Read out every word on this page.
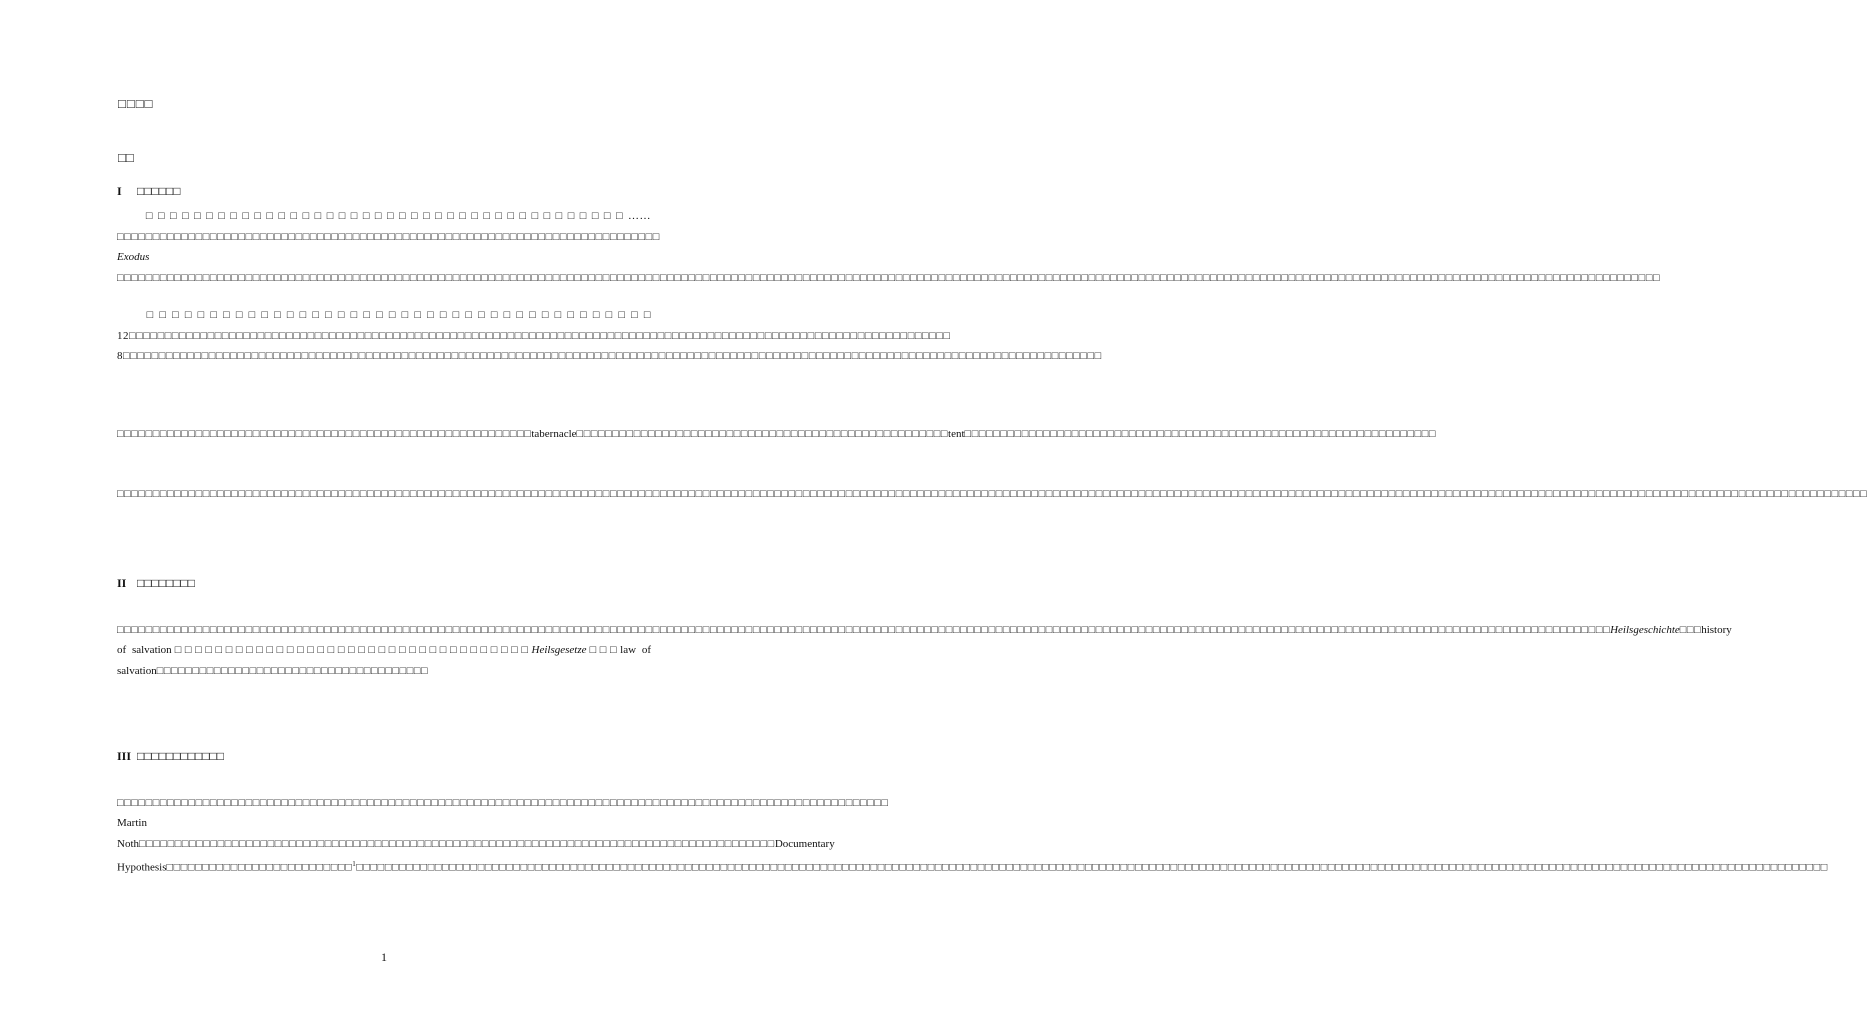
□□□□
□□
I □□□□□□
□□□□□□□□□□□□□□□□□□□□□□□□□□□□□□□□□□□□□□□□……□□□□□□□□□□□□□□□□□□□□□□□□□□□□□□□□□□□□□□□□□□□□□□□□□□□□□□□□□□□□□□□□□□□□□□□□□□□□ Exodus □□□□□□□□□□□□□□□□□□□□□□□□□□□□□□□□□□□□□□□□□□□□□□□□□□□□□□□□□□□□□□□□□□□□□□□□□□□□□□□□□□□□□□□□□□□□□□□□□□□□□□□□□□□□□□□□□□□□□□□□□□□□□□□□□□□□□□□□□□□□□□□□□□□□□□□□□□□□□□□□□□□□□□□□□□□□□□□□□□□□□□□□□□□□□□□□□□□□□□□□□□□□□□□□□□□□□□□□
□□□□□□□□□□□□□□□□□□□□□□□□□□□□□□□□□□□□□□□□ 12□□□□□□□□□□□□□□□□□□□□□□□□□□□□□□□□□□□□□□□□□□□□□□□□□□□□□□□□□□□□□□□□□□□□□□□□□□□□□□□□□□□□□□□□□□□□□□□□□□□□□□□□□□□□□□□□□□□ 8□□□□□□□□□□□□□□□□□□□□□□□□□□□□□□□□□□□□□□□□□□□□□□□□□□□□□□□□□□□□□□□□□□□□□□□□□□□□□□□□□□□□□□□□□□□□□□□□□□□□□□□□□□□□□□□□□□□□□□□□□□□□□□□□□□□□□□□□□
□□□□□□□□□□□□□□□□□□□□□□□□□□□□□□□□□□□□□□□□□□□□□□□□□□□□□□□□□□tabernacle□□□□□□□□□□□□□□□□□□□□□□□□□□□□□□□□□□□□□□□□□□□□□□□□□□□□tent□□□□□□□□□□□□□□□□□□□□□□□□□□□□□□□□□□□□□□□□□□□□□□□□□□□□□□□□□□□□□□□□□□
□□□□□□□□□□□□□□□□□□□□□□□□□□□□□□□□□□□□□□□□□□□□□□□□□□□□□□□□□□□□□□□□□□□□□□□□□□□□□□□□□□□□□□□□□□□□□□□□□□□□□□□□□□□□□□□□□□□□□□□□□□□□□□□□□□□□□□□□□□□□□□□□□□□□□□□□□□□□□□□□□□□□□□□□□□□□□□□□□□□□□□□□□□□□□□□□□□□□□□□□□□□□□□□□□□□□□□□□□□□□□□□□□□□□□□□□□□□□□□□□□□□□□
II □□□□□□□□
□□□□□□□□□□□□□□□□□□□□□□□□□□□□□□□□□□□□□□□□□□□□□□□□□□□□□□□□□□□□□□□□□□□□□□□□□□□□□□□□□□□□□□□□□□□□□□□□□□□□□□□□□□□□□□□□□□□□□□□□□□□□□□□□□□□□□□□□□□□□□□□□□□□□□□□□□□□□□□□□□□□□□□□□□□□□□□□□□□□□□□□□□□□□□□□□□□□□□□□□□□□□□□□□□Heilsgeschichte□□□history of salvation□□□□□□□□□□□□□□□□□□□□□□□□□□□□□□□□□□□Heilsgesetze□□□law of salvation□□□□□□□□□□□□□□□□□□□□□□□□□□□□□□□□□□□□□□
III □□□□□□□□□□□□
□□□□□□□□□□□□□□□□□□□□□□□□□□□□□□□□□□□□□□□□□□□□□□□□□□□□□□□□□□□□□□□□□□□□□□□□□□□□□□□□□□□□□□□□□□□□□□□□□□□□□□□□□□□□ Martin Noth□□□□□□□□□□□□□□□□□□□□□□□□□□□□□□□□□□□□□□□□□□□□□□□□□□□□□□□□□□□□□□□□□□□□□□□□□□□□□□□□□□□□□□□□□Documentary Hypothesis□□□□□□□□□□□□□□□□□□□□□□□□□□$^1$□□□□□□□□□□□□□□□□□□□□□□□□□□□□□□□□□□□□□□□□□□□□□□□□□□□□□□□□□□□□□□□□□□□□□□□□□□□□□□□□□□□□□□□□□□□□□□□□□□□□□□□□□□□□□□□□□□□□□□□□□□□□□□□□□□□□□□□□□□□□□□□□□□□□□□□□□□□□□□□□□□□□□□□□□□□□□□□□□□□□□□□□□□□□□□□□□□□□□□□□□□□□□□
1
